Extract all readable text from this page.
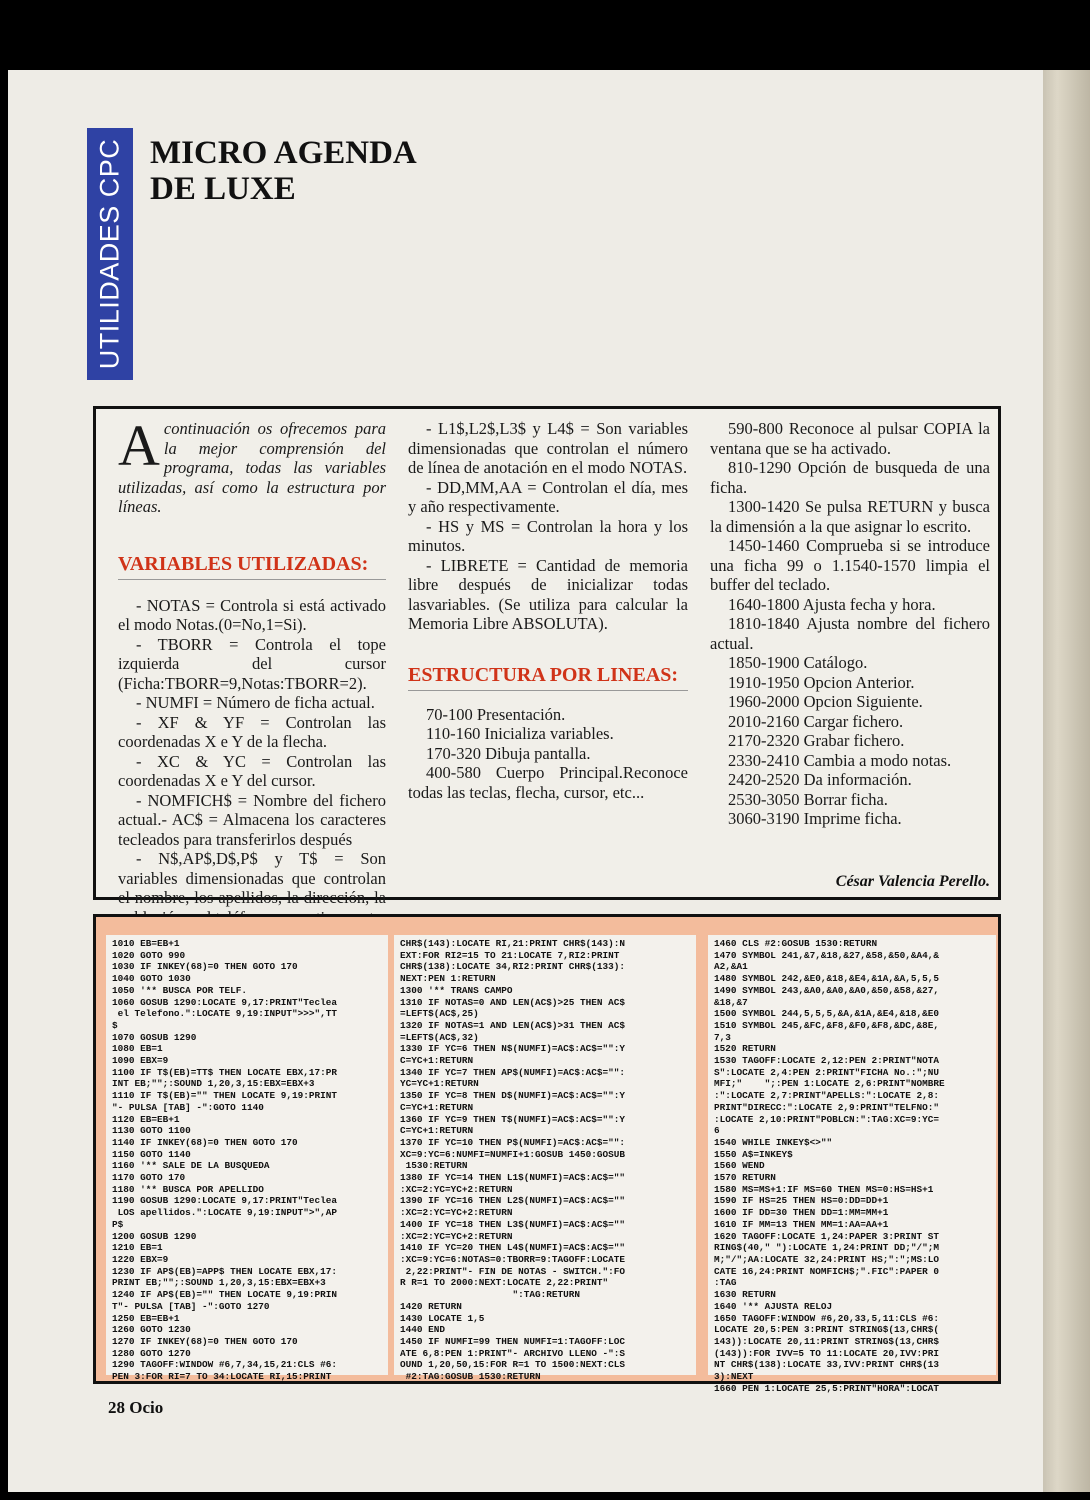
UTILIDADES CPC MICRO AGENDA
DE LUXE

Acontinuación os ofrecemos para la mejor comprensión del programa, todas las variables utilizadas, así como la estructura por líneas.

VARIABLES UTILIZADAS:

- NOTAS = Controla si está activado el modo Notas.(0=No,1=Si).

- TBORR = Controla el tope izquierda del cursor (Ficha:TBORR=9,Notas:TBORR=2).

- NUMFI = Número de ficha actual.

- XF & YF = Controlan las coordenadas X e Y de la flecha.

- XC & YC = Controlan las coordenadas X e Y del cursor.

- NOMFICH$ = Nombre del fichero actual.- AC$ = Almacena los caracteres tecleados para transferirlos después

- N$,AP$,D$,P$ y T$ = Son variables dimensionadas que controlan el nombre, los apellidos, la dirección, la

- L1$,L2$,L3$ y L4$ = Son variables dimensionadas que controlan el número de línea de anotación en el modo NOTAS.

- DD,MM,AA = Controlan el día, mes y año respectivamente.

- HS y MS = Controlan la hora y los minutos.

- LIBRETE = Cantidad de memoria libre después de inicializar todas lasvariables. (Se utiliza para calcular la Memoria Libre ABSOLUTA).

ESTRUCTURA POR LINEAS:

70-100 Presentación.

110-160 Inicializa variables.

170-320 Dibuja pantalla.

400-580 Cuerpo Principal.Reconoce todas las teclas, flecha, cursor, etc...

590-800 Reconoce al pulsar COPIA la ventana que se ha activado.

810-1290 Opción de busqueda de una ficha.

1300-1420 Se pulsa RETURN y busca la dimensión a la que asignar lo escrito.

1450-1460 Comprueba si se introduce una ficha 99 o 1.1540-1570 limpia el buffer del teclado.

1640-1800 Ajusta fecha y hora.

1810-1840 Ajusta nombre del fichero actual.

1850-1900 Catálogo.

1910-1950 Opcion Anterior.

1960-2000 Opcion Siguiente.

2010-2160 Cargar fichero.

2170-2320 Grabar fichero.

2330-2410 Cambia a modo notas.

2420-2520 Da información.

2530-3050 Borrar ficha.

3060-3190 Imprime ficha.

César Valencia Perello.
1010 EB=EB+1
1020 GOTO 990
1030 IF INKEY(68)=0 THEN GOTO 170
1040 GOTO 1030
1050 '** BUSCA POR TELF.
1060 GOSUB 1290:LOCATE 9,17:PRINT"Teclea
el Telefono.":LOCATE 9,19:INPUT">>>",TT
$
1070 GOSUB 1290
1080 EB=1
1090 EBX=9
1100 IF T$(EB)=TT$ THEN LOCATE EBX,17:PR
INT EB;"";:SOUND 1,20,3,15:EBX=EBX+3
1110 IF T$(EB)="" THEN LOCATE 9,19:PRINT
"- PULSA [TAB] -":GOTO 1140
1120 EB=EB+1
1130 GOTO 1100
1140 IF INKEY(68)=0 THEN GOTO 170
1150 GOTO 1140
1160 '** SALE DE LA BUSQUEDA
1170 GOTO 170
1180 '** BUSCA POR APELLIDO
1190 GOSUB 1290:LOCATE 9,17:PRINT"Teclea
LOS apellidos.":LOCATE 9,19:INPUT">",AP
P$
1200 GOSUB 1290
1210 EB=1
1220 EBX=9
1230 IF AP$(EB)=APP$ THEN LOCATE EBX,17:
PRINT EB;"";:SOUND 1,20,3,15:EBX=EBX+3
1240 IF AP$(EB)="" THEN LOCATE 9,19:PRIN
T"- PULSA [TAB] -":GOTO 1270
1250 EB=EB+1
1260 GOTO 1230
1270 IF INKEY(68)=0 THEN GOTO 170
1280 GOTO 1270
1290 TAGOFF:WINDOW #6,7,34,15,21:CLS #6:
PEN 3:FOR RI=7 TO 34:LOCATE RI,15:PRINT
CHR$(143):LOCATE RI,21:PRINT CHR$(143):N
EXT:FOR RI2=15 TO 21:LOCATE 7,RI2:PRINT
CHR$(138):LOCATE 34,RI2:PRINT CHR$(133):
NEXT:PEN 1:RETURN
1300 '** TRANS CAMPO
1310 IF NOTAS=0 AND LEN(AC$)>25 THEN AC$
=LEFT$(AC$,25)
1320 IF NOTAS=1 AND LEN(AC$)>31 THEN AC$
=LEFT$(AC$,32)
1330 IF YC=6 THEN N$(NUMFI)=AC$:AC$="":Y
C=YC+1:RETURN
1340 IF YC=7 THEN AP$(NUMFI)=AC$:AC$="":
YC=YC+1:RETURN
1350 IF YC=8 THEN D$(NUMFI)=AC$:AC$="":Y
C=YC+1:RETURN
1360 IF YC=9 THEN T$(NUMFI)=AC$:AC$="":Y
C=YC+1:RETURN
1370 IF YC=10 THEN P$(NUMFI)=AC$:AC$="":
XC=9:YC=6:NUMFI=NUMFI+1:GOSUB 1450:GOSUB
1530:RETURN
1380 IF YC=14 THEN L1$(NUMFI)=AC$:AC$=""
:XC=2:YC=YC+2:RETURN
1390 IF YC=16 THEN L2$(NUMFI)=AC$:AC$=""
:XC=2:YC=YC+2:RETURN
1400 IF YC=18 THEN L3$(NUMFI)=AC$:AC$=""
:XC=2:YC=YC+2:RETURN
1410 IF YC=20 THEN L4$(NUMFI)=AC$:AC$=""
:XC=9:YC=6:NOTAS=0:TBORR=9:TAGOFF:LOCATE
2,22:PRINT"- FIN DE NOTAS - SWITCH.":FO
R R=1 TO 2000:NEXT:LOCATE 2,22:PRINT"
":TAG:RETURN
1420 RETURN
1430 LOCATE 1,5
1440 END
1450 IF NUMFI=99 THEN NUMFI=1:TAGOFF:LOC
ATE 6,8:PEN 1:PRINT"- ARCHIVO LLENO -":S
OUND 1,20,50,15:FOR R=1 TO 1500:NEXT:CLS
#2:TAG:GOSUB 1530:RETURN
1460 CLS #2:GOSUB 1530:RETURN
1470 SYMBOL 241,&7,&18,&27,&58,&50,&A4,&
A2,&A1
1480 SYMBOL 242,&E0,&18,&E4,&1A,&A,5,5,5
1490 SYMBOL 243,&A0,&A0,&A0,&50,&58,&27,
&18,&7
1500 SYMBOL 244,5,5,5,&A,&1A,&E4,&18,&E0
1510 SYMBOL 245,&FC,&F8,&F0,&F8,&DC,&8E,
7,3
1520 RETURN
1530 TAGOFF:LOCATE 2,12:PEN 2:PRINT"NOTA
S":LOCATE 2,4:PEN 2:PRINT"FICHA No.:";NU
MFI;"    ";:PEN 1:LOCATE 2,6:PRINT"NOMBRE
:":LOCATE 2,7:PRINT"APELLS:":LOCATE 2,8:
PRINT"DIRECC:":LOCATE 2,9:PRINT"TELFNO:"
:LOCATE 2,10:PRINT"POBLCN:":TAG:XC=9:YC=
6
1540 WHILE INKEY$<>""
1550 A$=INKEY$
1560 WEND
1570 RETURN
1580 MS=MS+1:IF MS=60 THEN MS=0:HS=HS+1
1590 IF HS=25 THEN HS=0:DD=DD+1
1600 IF DD=30 THEN DD=1:MM=MM+1
1610 IF MM=13 THEN MM=1:AA=AA+1
1620 TAGOFF:LOCATE 1,24:PAPER 3:PRINT ST
RING$(40," "):LOCATE 1,24:PRINT DD;"/";M
M;"/";AA:LOCATE 32,24:PRINT HS;":";MS:LO
CATE 16,24:PRINT NOMFICH$;".FIC":PAPER 0
:TAG
1630 RETURN
1640 '** AJUSTA RELOJ
1650 TAGOFF:WINDOW #6,20,33,5,11:CLS #6:
LOCATE 20,5:PEN 3:PRINT STRING$(13,CHR$(
143)):LOCATE 20,11:PRINT STRING$(13,CHR$
(143)):FOR IVV=5 TO 11:LOCATE 20,IVV:PRI
NT CHR$(138):LOCATE 33,IVV:PRINT CHR$(13
3):NEXT
1660 PEN 1:LOCATE 25,5:PRINT"HORA":LOCAT
28 Ocio
